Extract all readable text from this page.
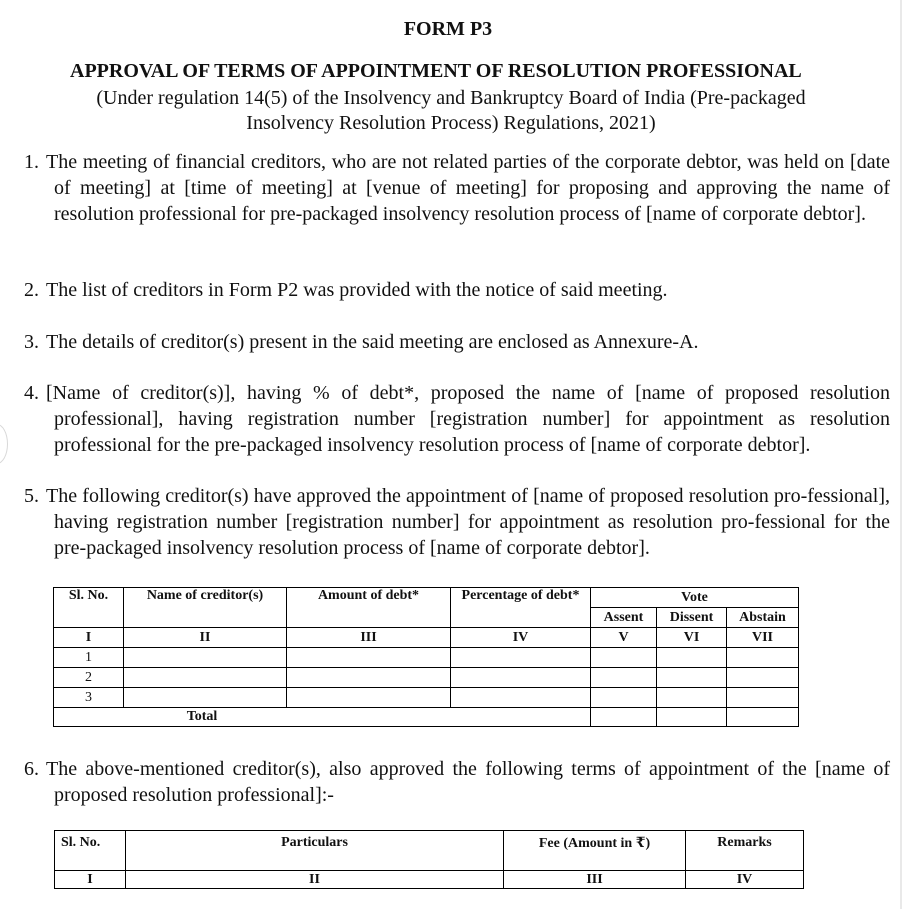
FORM P3
APPROVAL OF TERMS OF APPOINTMENT OF RESOLUTION PROFESSIONAL
(Under regulation 14(5) of the Insolvency and Bankruptcy Board of India (Pre-packaged
Insolvency Resolution Process) Regulations, 2021)
1. The meeting of financial creditors, who are not related parties of the corporate debtor, was held on [date of meeting] at [time of meeting] at [venue of meeting] for proposing and approving the name of resolution professional for pre-packaged insolvency resolution process of [name of corporate debtor].
2. The list of creditors in Form P2 was provided with the notice of said meeting.
3. The details of creditor(s) present in the said meeting are enclosed as Annexure-A.
4. [Name of creditor(s)], having % of debt*, proposed the name of [name of proposed resolution professional], having registration number [registration number] for appointment as resolution professional for the pre-packaged insolvency resolution process of [name of corporate debtor].
5. The following creditor(s) have approved the appointment of [name of proposed resolution pro-fessional], having registration number [registration number] for appointment as resolution pro-fessional for the pre-packaged insolvency resolution process of [name of corporate debtor].
Sl. No.	Name of creditor(s)	Amount of debt*	Percentage of debt*	Vote		
				Assent	Dissent	Abstain
I	II	III	IV	V	VI	VII
1						
2						
3						
Total						
6. The above-mentioned creditor(s), also approved the following terms of appointment of the [name of proposed resolution professional]:-
Sl. No.	Particulars	Fee (Amount in ₹)	Remarks
I	II	III	IV
